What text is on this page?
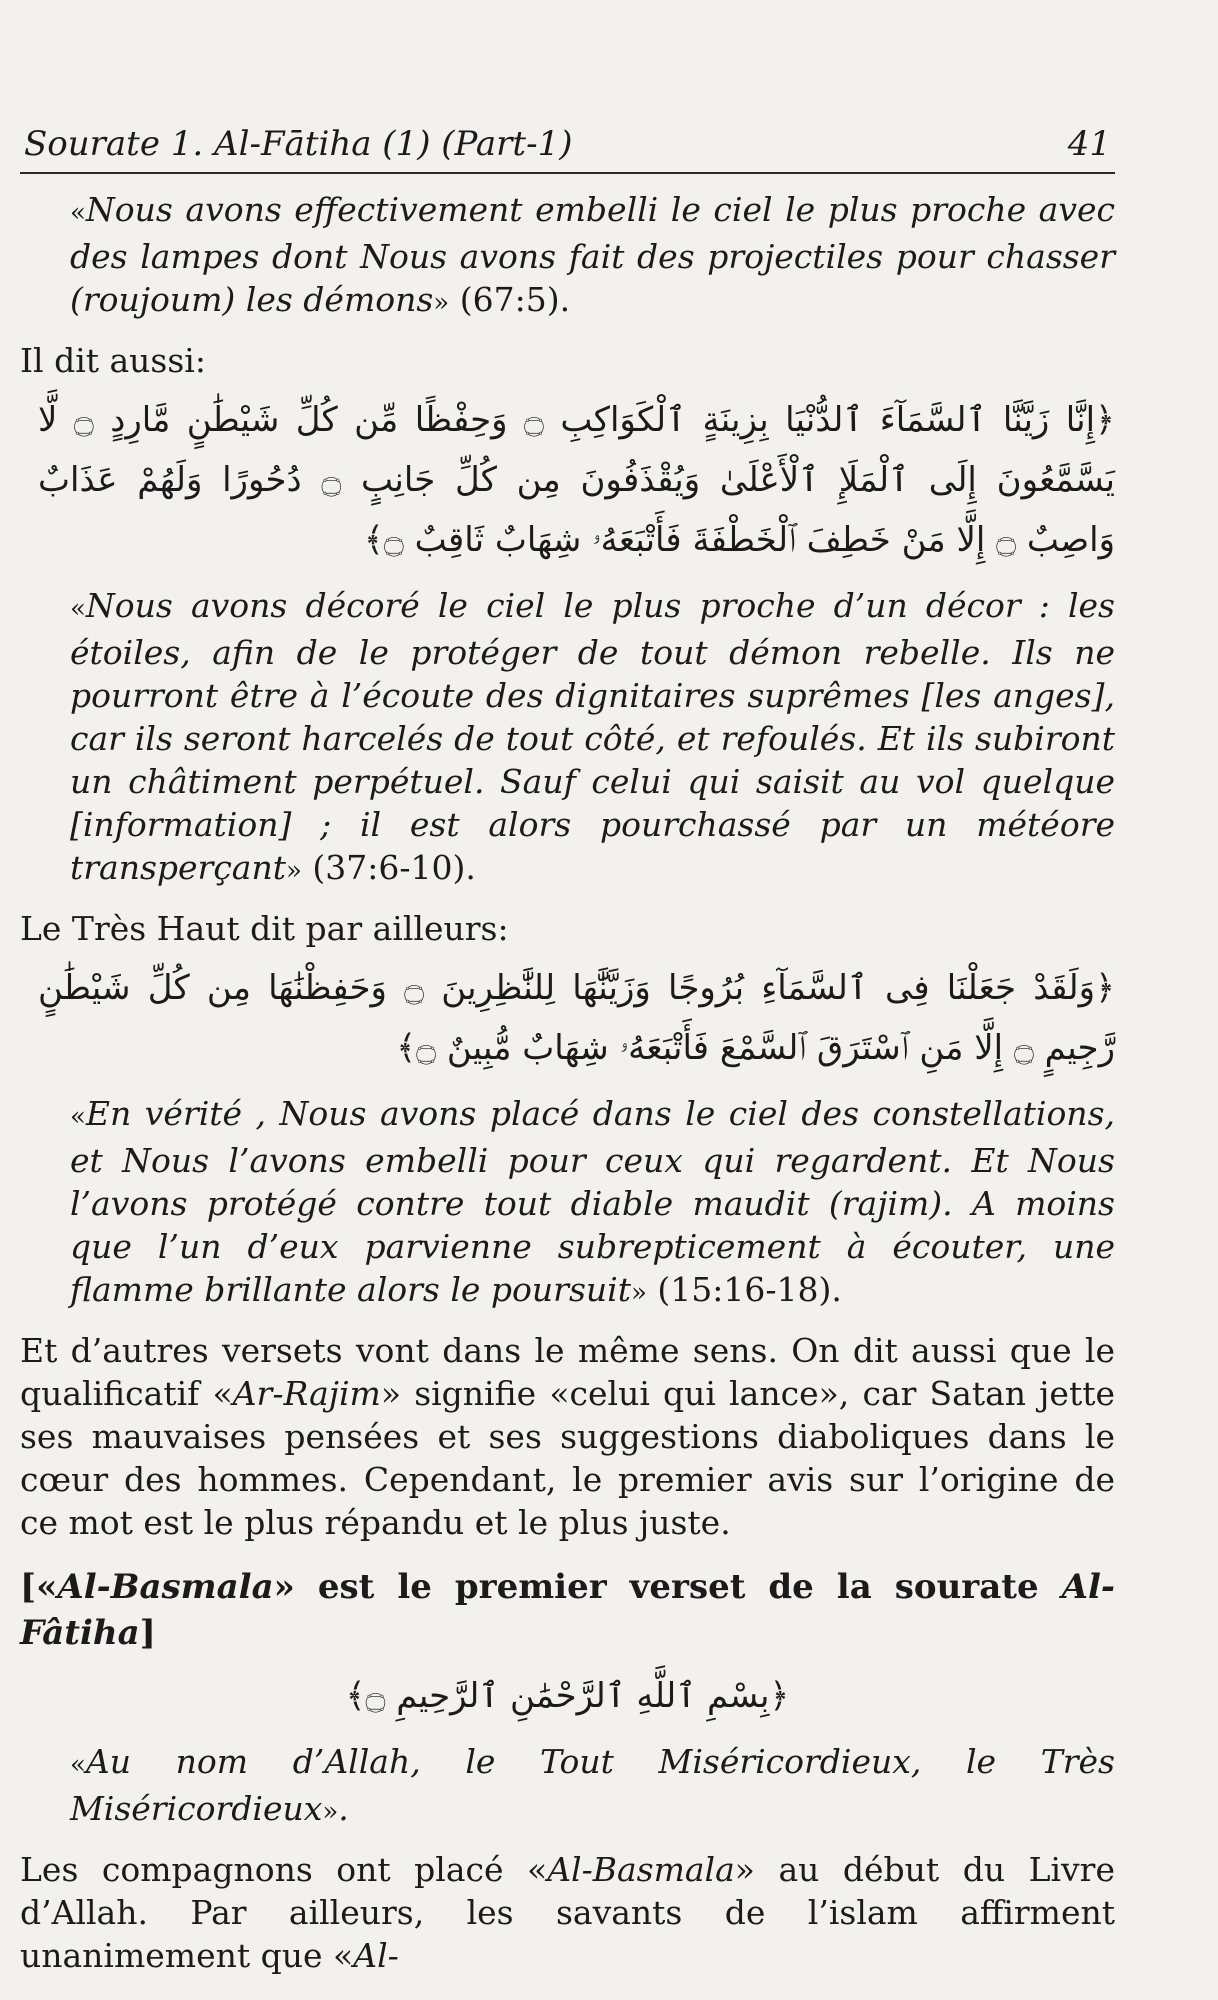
Sourate 1. Al-Fātiha (1) (Part-1)	41

«Nous avons effectivement embelli le ciel le plus proche avec des lampes dont Nous avons fait des projectiles pour chasser (roujoum) les démons» (67:5).

Il dit aussi:

﴿إِنَّا زَيَّنَّا ٱلسَّمَآءَ ٱلدُّنْيَا بِزِينَةٍ ٱلْكَوَاكِبِ ۝ وَحِفْظًا مِّن كُلِّ شَيْطَٰنٍ مَّارِدٍ ۝ لَّا يَسَّمَّعُونَ إِلَى ٱلْمَلَإِ ٱلْأَعْلَىٰ وَيُقْذَفُونَ مِن كُلِّ جَانِبٍ ۝ دُحُورًا وَلَهُمْ عَذَابٌ وَاصِبٌ ۝ إِلَّا مَنْ خَطِفَ ٱلْخَطْفَةَ فَأَتْبَعَهُۥ شِهَابٌ ثَاقِبٌ ۝﴾

«Nous avons décoré le ciel le plus proche d’un décor : les étoiles, afin de le protéger de tout démon rebelle. Ils ne pourront être à l’écoute des dignitaires suprêmes [les anges], car ils seront harcelés de tout côté, et refoulés. Et ils subiront un châtiment perpétuel. Sauf celui qui saisit au vol quelque [information] ; il est alors pourchassé par un météore transperçant» (37:6-10).

Le Très Haut dit par ailleurs:

﴿وَلَقَدْ جَعَلْنَا فِى ٱلسَّمَآءِ بُرُوجًا وَزَيَّنَّٰهَا لِلنَّٰظِرِينَ ۝ وَحَفِظْنَٰهَا مِن كُلِّ شَيْطَٰنٍ رَّجِيمٍ ۝ إِلَّا مَنِ ٱسْتَرَقَ ٱلسَّمْعَ فَأَتْبَعَهُۥ شِهَابٌ مُّبِينٌ ۝﴾

«En vérité , Nous avons placé dans le ciel des constellations, et Nous l’avons embelli pour ceux qui regardent. Et Nous l’avons protégé contre tout diable maudit (rajim). A moins que l’un d’eux parvienne subrepticement à écouter, une flamme brillante alors le poursuit» (15:16-18).

Et d’autres versets vont dans le même sens. On dit aussi que le qualificatif «Ar-Rajim» signifie «celui qui lance», car Satan jette ses mauvaises pensées et ses suggestions diaboliques dans le cœur des hommes. Cependant, le premier avis sur l’origine de ce mot est le plus répandu et le plus juste.

[«Al-Basmala» est le premier verset de la sourate Al-Fâtiha]

﴿بِسْمِ ٱللَّهِ ٱلرَّحْمَٰنِ ٱلرَّحِيمِ ۝﴾

«Au nom d’Allah, le Tout Miséricordieux, le Très Miséricordieux».

Les compagnons ont placé «Al-Basmala» au début du Livre d’Allah. Par ailleurs, les savants de l’islam affirment unanimement que «Al-
